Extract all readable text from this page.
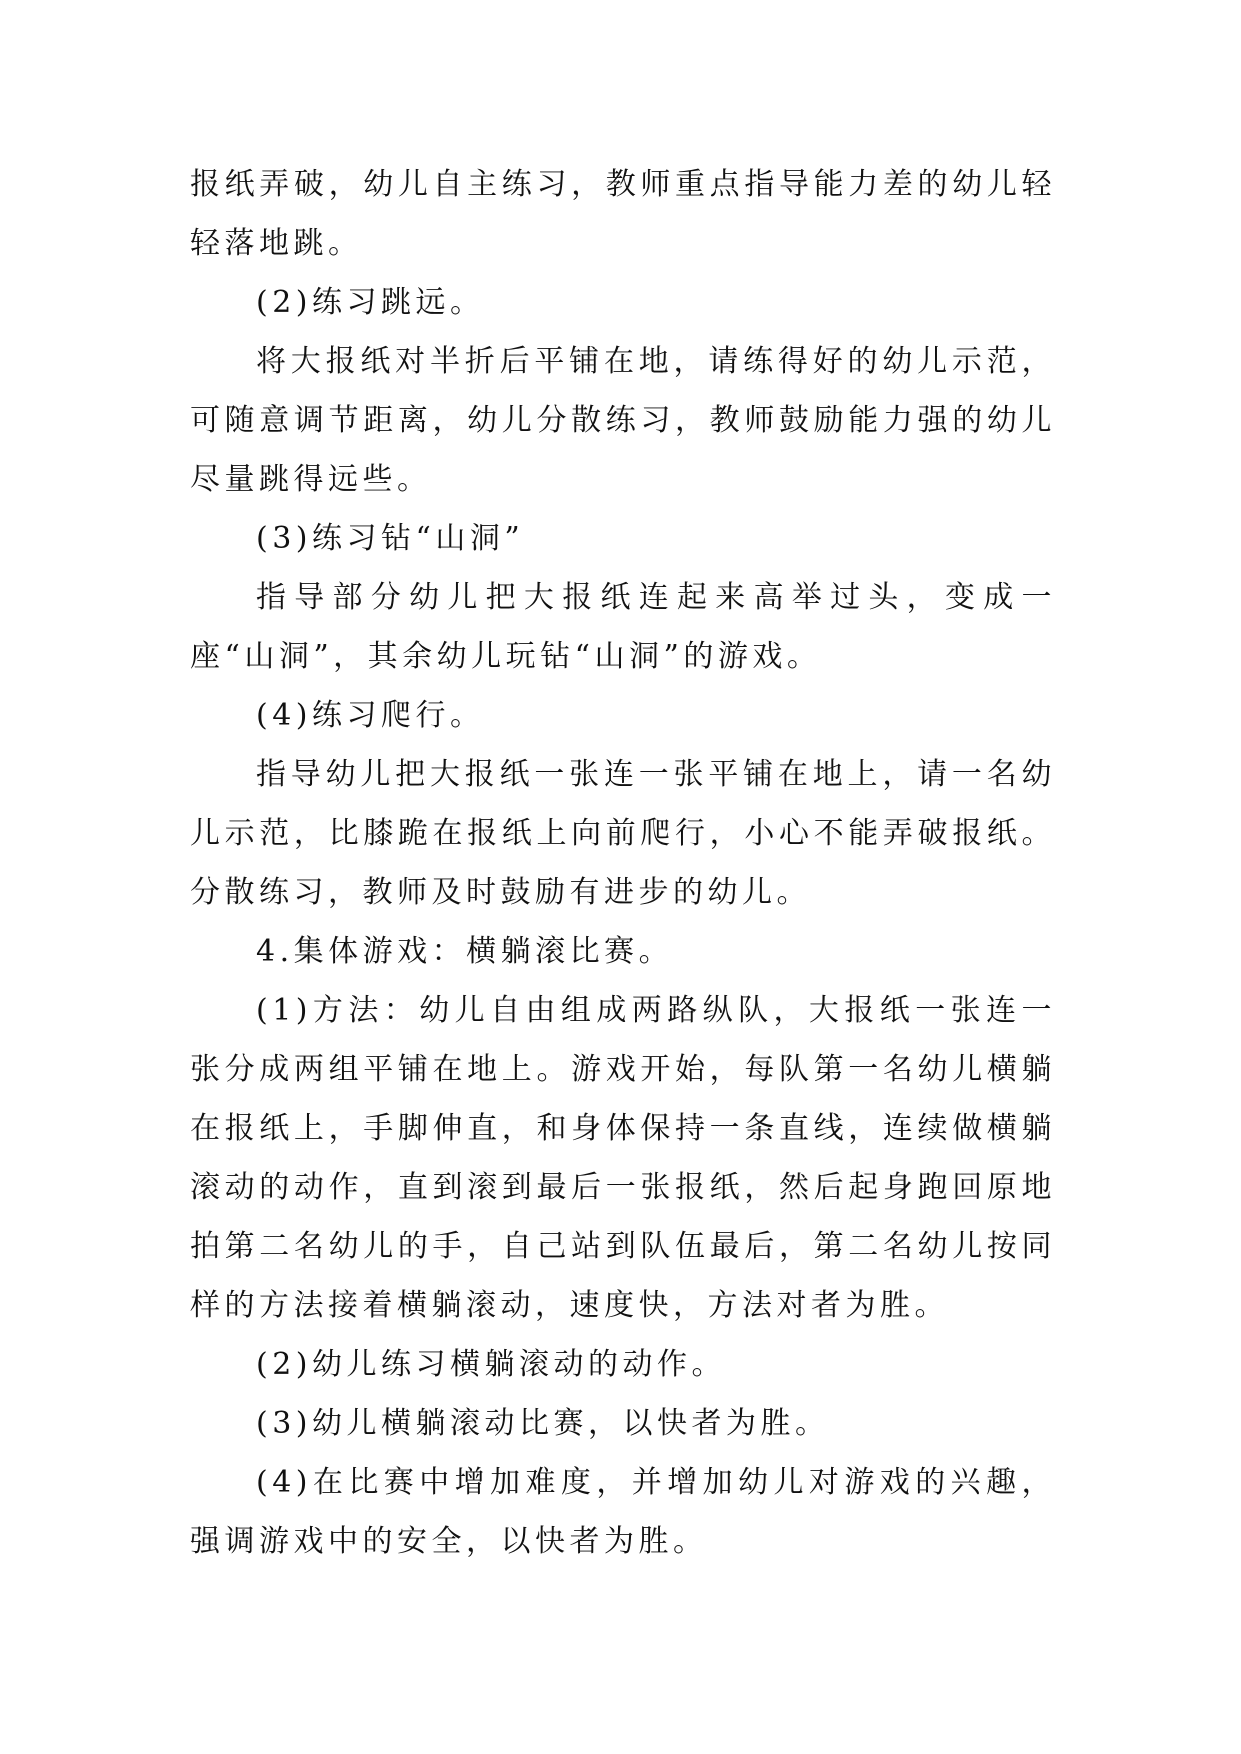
报纸弄破，幼儿自主练习，教师重点指导能力差的幼儿轻轻落地跳。

(2)练习跳远。

将大报纸对半折后平铺在地，请练得好的幼儿示范，可随意调节距离，幼儿分散练习，教师鼓励能力强的幼儿尽量跳得远些。

(3)练习钻“山洞”

指导部分幼儿把大报纸连起来高举过头，变成一座“山洞”，其余幼儿玩钻“山洞”的游戏。

(4)练习爬行。

指导幼儿把大报纸一张连一张平铺在地上，请一名幼儿示范，比膝跪在报纸上向前爬行，小心不能弄破报纸。分散练习，教师及时鼓励有进步的幼儿。

4.集体游戏：横躺滚比赛。

(1)方法：幼儿自由组成两路纵队，大报纸一张连一张分成两组平铺在地上。游戏开始，每队第一名幼儿横躺在报纸上，手脚伸直，和身体保持一条直线，连续做横躺滚动的动作，直到滚到最后一张报纸，然后起身跑回原地拍第二名幼儿的手，自己站到队伍最后，第二名幼儿按同样的方法接着横躺滚动，速度快，方法对者为胜。

(2)幼儿练习横躺滚动的动作。

(3)幼儿横躺滚动比赛，以快者为胜。

(4)在比赛中增加难度，并增加幼儿对游戏的兴趣，强调游戏中的安全，以快者为胜。
